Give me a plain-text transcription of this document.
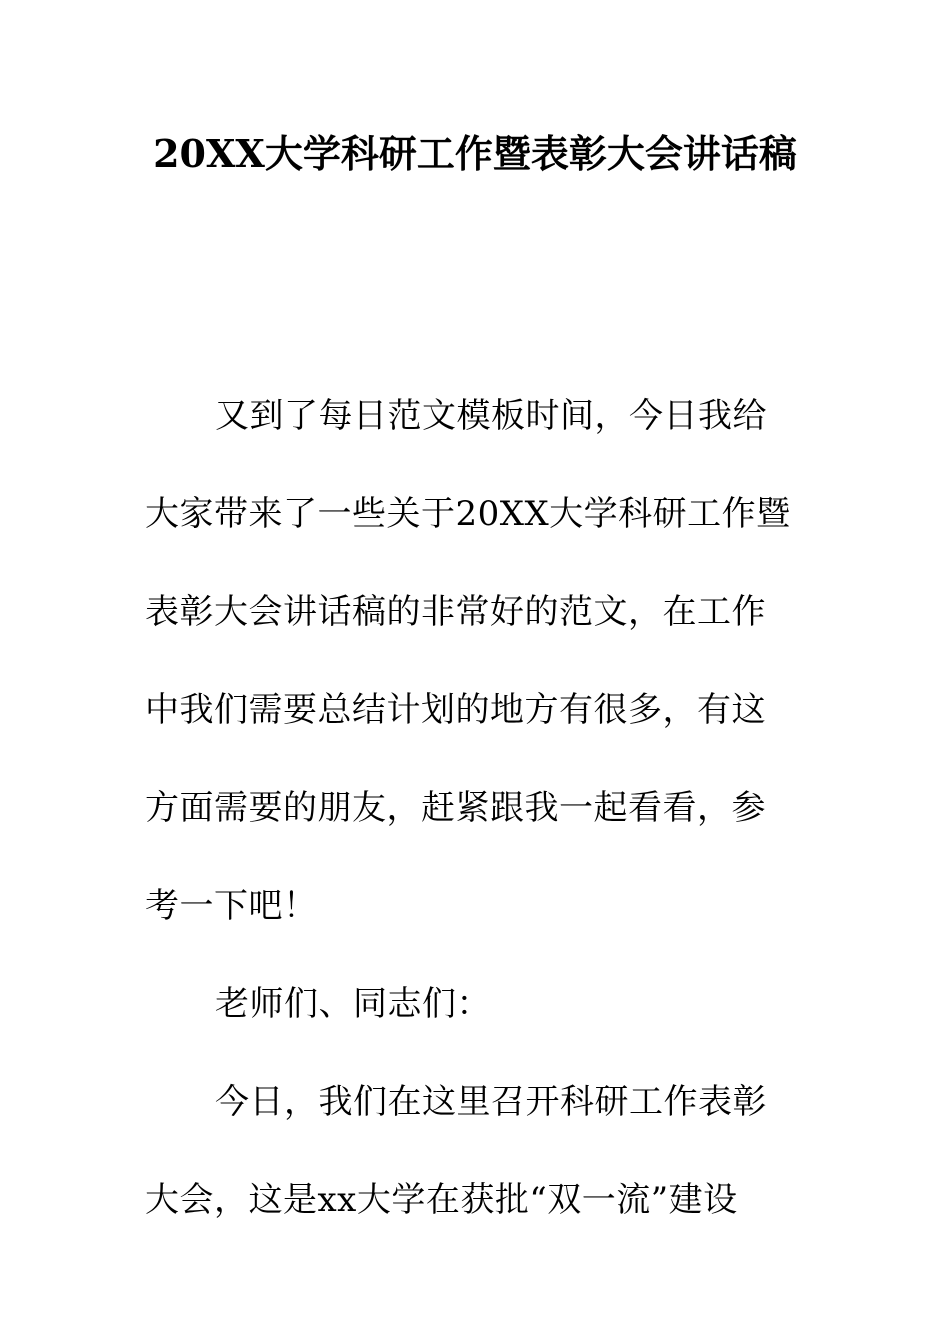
20XX大学科研工作暨表彰大会讲话稿

又到了每日范文模板时间，今日我给大家带来了一些关于20XX大学科研工作暨表彰大会讲话稿的非常好的范文，在工作中我们需要总结计划的地方有很多，有这方面需要的朋友，赶紧跟我一起看看，参考一下吧！

老师们、同志们：

今日，我们在这里召开科研工作表彰大会，这是xx大学在获批“双一流”建设
